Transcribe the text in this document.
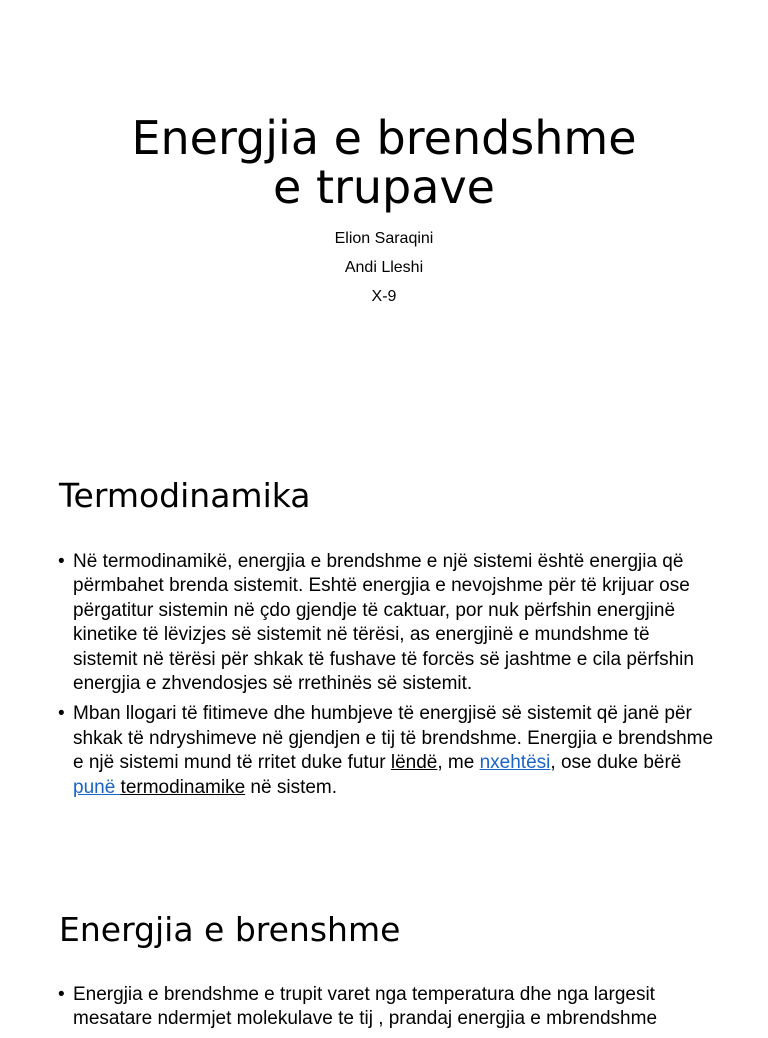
Energjia e brendshme
e trupave
Elion Saraqini
Andi Lleshi
X-9
Termodinamika
• Në termodinamikë, energjia e brendshme e një sistemi është energjia që përmbahet brenda sistemit. Eshtë energjia e nevojshme për të krijuar ose përgatitur sistemin në çdo gjendje të caktuar, por nuk përfshin energjinë kinetike të lëvizjes së sistemit në tërësi, as energjinë e mundshme të sistemit në tërësi për shkak të fushave të forcës së jashtme e cila përfshin energjia e zhvendosjes së rrethinës së sistemit.
• Mban llogari të fitimeve dhe humbjeve të energjisë së sistemit që janë për shkak të ndryshimeve në gjendjen e tij të brendshme. Energjia e brendshme e një sistemi mund të rritet duke futur lëndë, me nxehtësi, ose duke bërë punë termodinamike në sistem.
Energjia e brenshme
• Energjia e brendshme e trupit varet nga temperatura dhe nga largesit mesatare ndermjet molekulave te tij , prandaj energjia e mbrendshme
